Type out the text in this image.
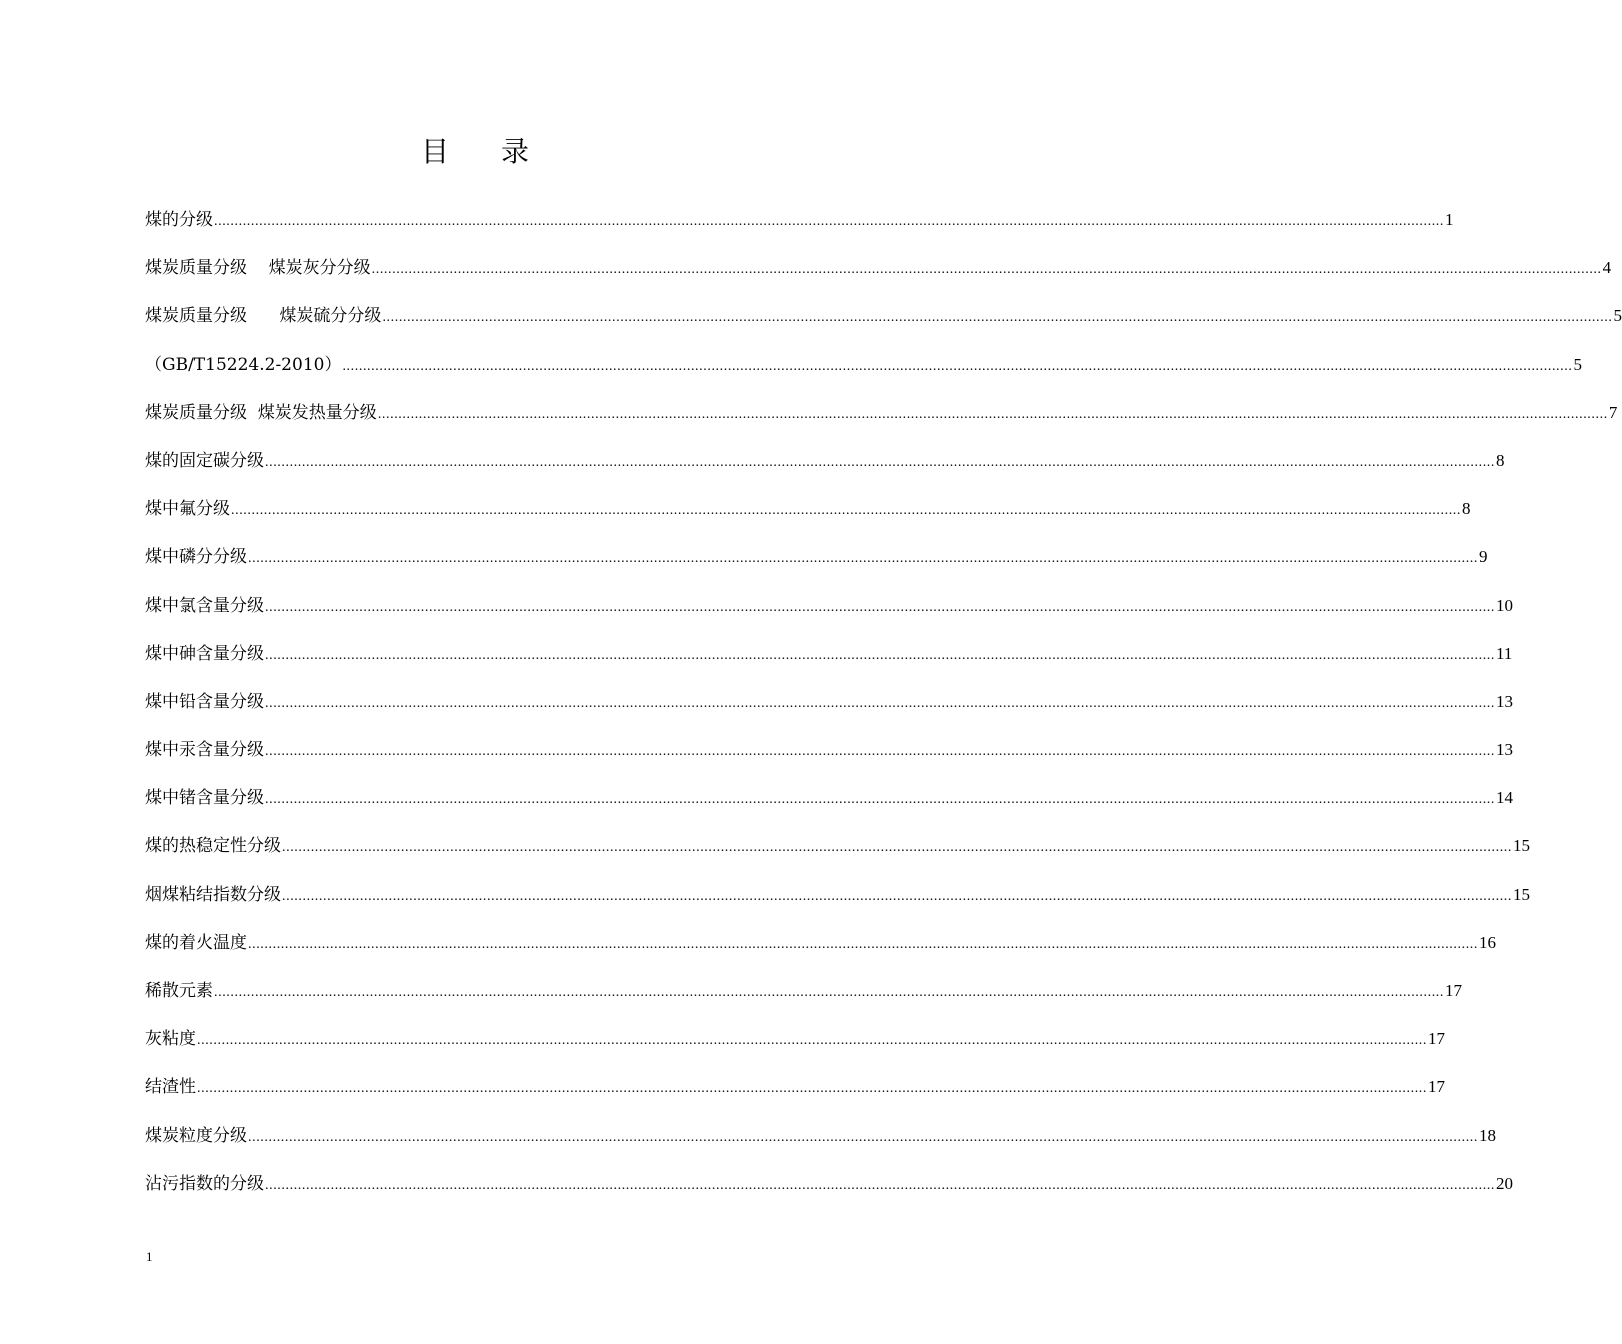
目录
煤的分级 ............................................................................................................................................................................................................................................................................................................ 1
煤炭质量分级    煤炭灰分分级 ............................................................................................................................................................................................................................................................................................................ 4
煤炭质量分级      煤炭硫分分级 ............................................................................................................................................................................................................................................................................................................ 5
（GB/T15224.2-2010） ............................................................................................................................................................................................................................................................................................................ 5
煤炭质量分级  煤炭发热量分级 ............................................................................................................................................................................................................................................................................................................ 7
煤的固定碳分级 ............................................................................................................................................................................................................................................................................................................ 8
煤中氟分级 ............................................................................................................................................................................................................................................................................................................ 8
煤中磷分分级 ............................................................................................................................................................................................................................................................................................................ 9
煤中氯含量分级 ............................................................................................................................................................................................................................................................................................................ 10
煤中砷含量分级 ............................................................................................................................................................................................................................................................................................................ 11
煤中铅含量分级 ............................................................................................................................................................................................................................................................................................................ 13
煤中汞含量分级 ............................................................................................................................................................................................................................................................................................................ 13
煤中锗含量分级 ............................................................................................................................................................................................................................................................................................................ 14
煤的热稳定性分级 ............................................................................................................................................................................................................................................................................................................ 15
烟煤粘结指数分级 ............................................................................................................................................................................................................................................................................................................ 15
煤的着火温度 ............................................................................................................................................................................................................................................................................................................ 16
稀散元素 ............................................................................................................................................................................................................................................................................................................ 17
灰粘度 ............................................................................................................................................................................................................................................................................................................ 17
结渣性 ............................................................................................................................................................................................................................................................................................................ 17
煤炭粒度分级 ............................................................................................................................................................................................................................................................................................................ 18
沾污指数的分级 ............................................................................................................................................................................................................................................................................................................ 20
1
